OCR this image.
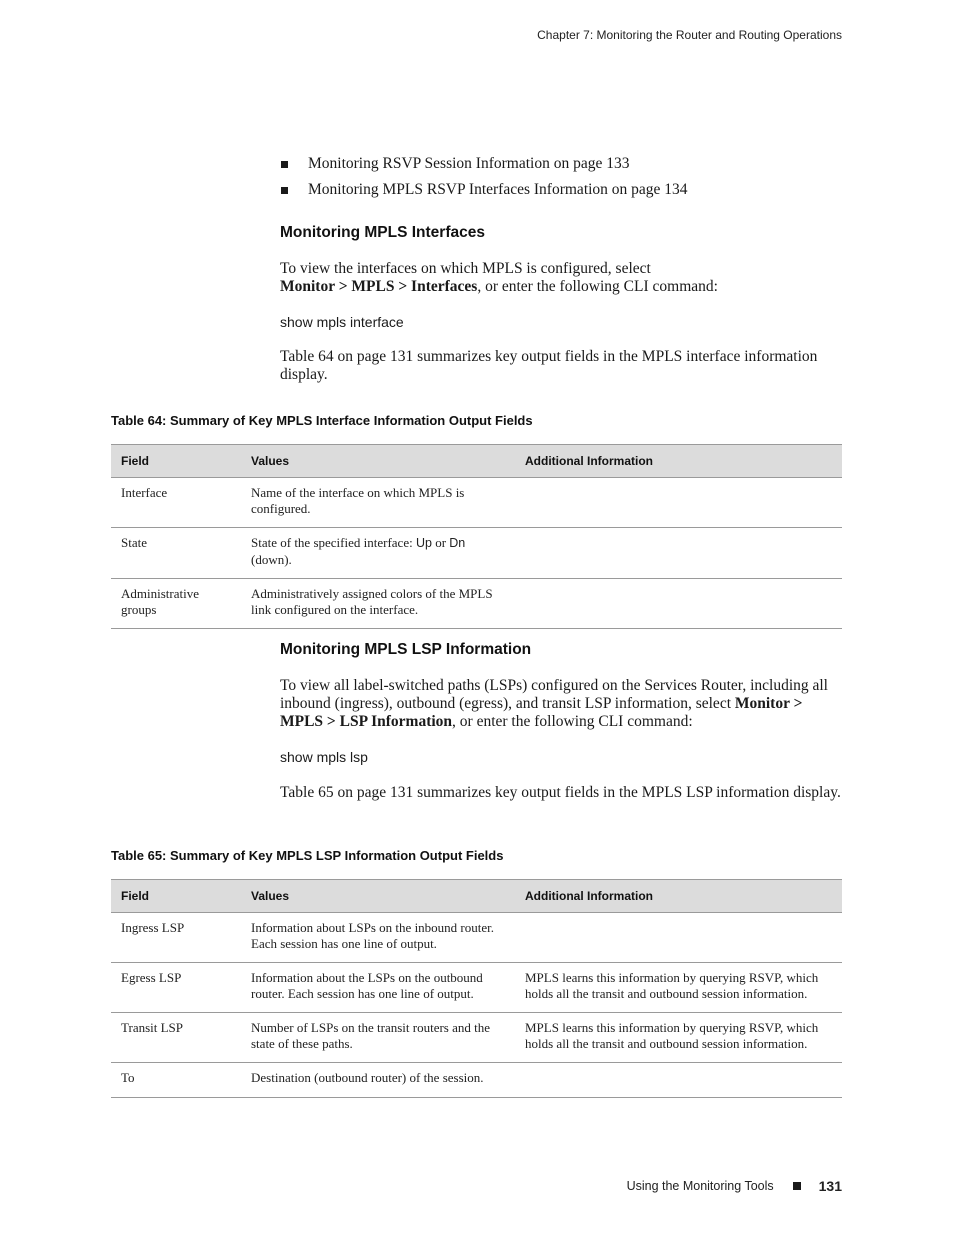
Chapter 7: Monitoring the Router and Routing Operations
Monitoring RSVP Session Information on page 133
Monitoring MPLS RSVP Interfaces Information on page 134
Monitoring MPLS Interfaces

To view the interfaces on which MPLS is configured, select
Monitor > MPLS > Interfaces, or enter the following CLI command:

show mpls interface

Table 64 on page 131 summarizes key output fields in the MPLS interface information display.

Table 64: Summary of Key MPLS Interface Information Output Fields
Field	Values	Additional Information
Interface	Name of the interface on which MPLS is configured.	
State	State of the specified interface: Up or Dn (down).	
Administrative groups	Administratively assigned colors of the MPLS link configured on the interface.	
Monitoring MPLS LSP Information

To view all label-switched paths (LSPs) configured on the Services Router, including all inbound (ingress), outbound (egress), and transit LSP information, select Monitor > MPLS > LSP Information, or enter the following CLI command:

show mpls lsp

Table 65 on page 131 summarizes key output fields in the MPLS LSP information display.

Table 65: Summary of Key MPLS LSP Information Output Fields
Field	Values	Additional Information
Ingress LSP	Information about LSPs on the inbound router. Each session has one line of output.	
Egress LSP	Information about the LSPs on the outbound router. Each session has one line of output.	MPLS learns this information by querying RSVP, which holds all the transit and outbound session information.
Transit LSP	Number of LSPs on the transit routers and the state of these paths.	MPLS learns this information by querying RSVP, which holds all the transit and outbound session information.
To	Destination (outbound router) of the session.	
Using the Monitoring Tools	131
